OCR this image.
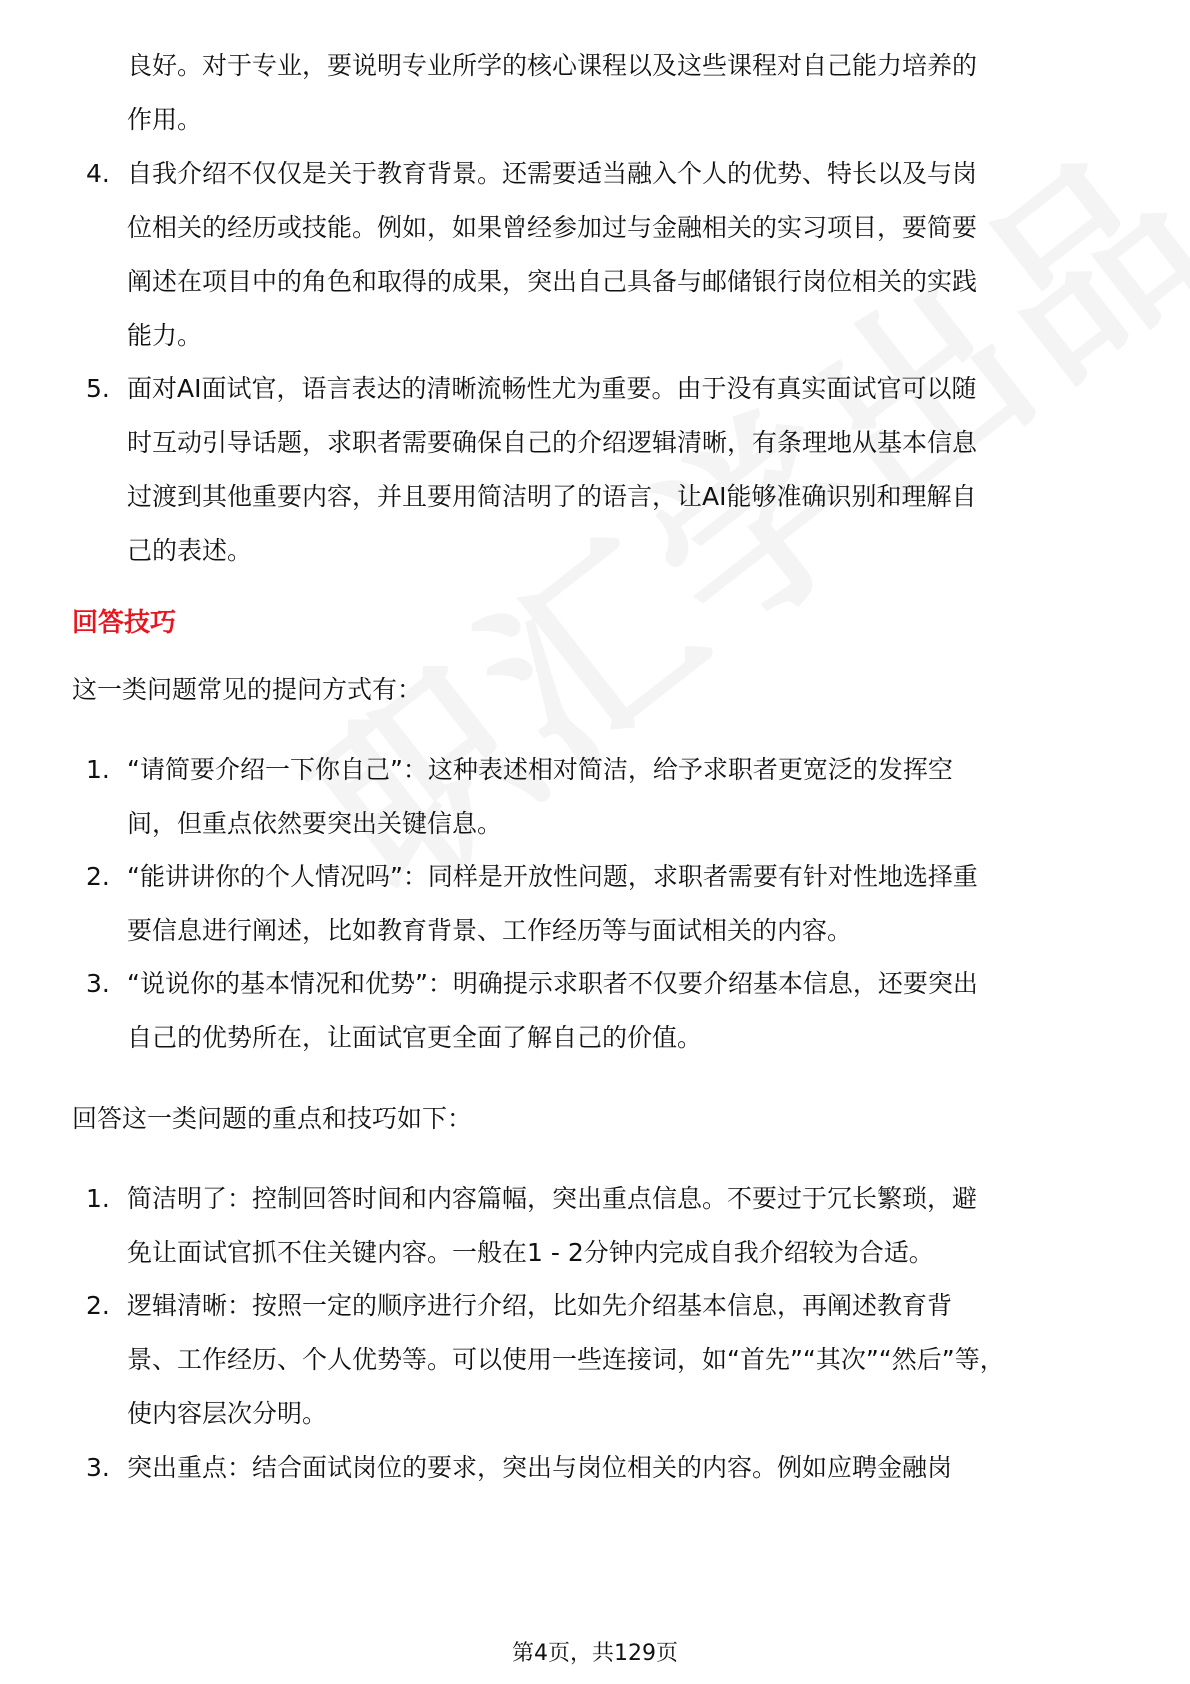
良好。对于专业，要说明专业所学的核心课程以及这些课程对自己能力培养的
作用。
4. 自我介绍不仅仅是关于教育背景。还需要适当融入个人的优势、特长以及与岗
位相关的经历或技能。例如，如果曾经参加过与金融相关的实习项目，要简要
阐述在项目中的角色和取得的成果，突出自己具备与邮储银行岗位相关的实践
能力。
5. 面对AI面试官，语言表达的清晰流畅性尤为重要。由于没有真实面试官可以随
时互动引导话题，求职者需要确保自己的介绍逻辑清晰，有条理地从基本信息
过渡到其他重要内容，并且要用简洁明了的语言，让AI能够准确识别和理解自
己的表述。
回答技巧
这一类问题常见的提问方式有：
1. “请简要介绍一下你自己”：这种表述相对简洁，给予求职者更宽泛的发挥空
间，但重点依然要突出关键信息。
2. “能讲讲你的个人情况吗”：同样是开放性问题，求职者需要有针对性地选择重
要信息进行阐述，比如教育背景、工作经历等与面试相关的内容。
3. “说说你的基本情况和优势”：明确提示求职者不仅要介绍基本信息，还要突出
自己的优势所在，让面试官更全面了解自己的价值。
回答这一类问题的重点和技巧如下：
1. 简洁明了：控制回答时间和内容篇幅，突出重点信息。不要过于冗长繁琐，避
免让面试官抓不住关键内容。一般在1 - 2分钟内完成自我介绍较为合适。
2. 逻辑清晰：按照一定的顺序进行介绍，比如先介绍基本信息，再阐述教育背
景、工作经历、个人优势等。可以使用一些连接词，如“首先”“其次”“然后”等，
使内容层次分明。
3. 突出重点：结合面试岗位的要求，突出与岗位相关的内容。例如应聘金融岗
第4页，共129页
